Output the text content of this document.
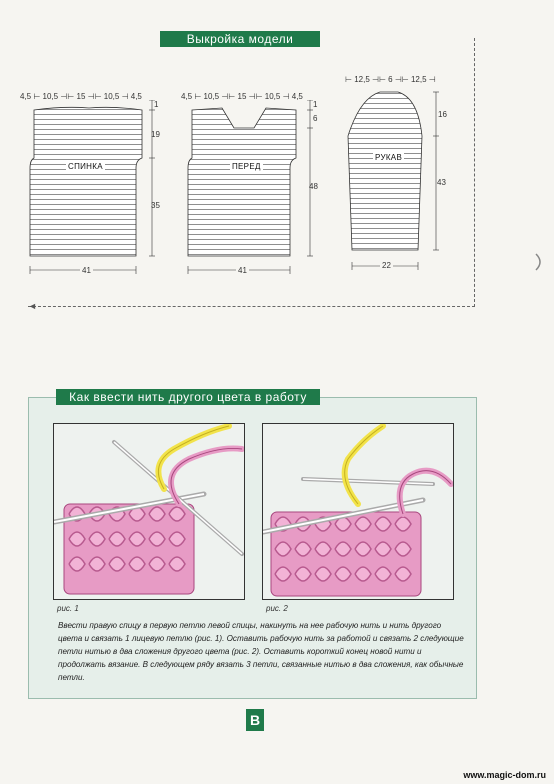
Выкройка модели
4,5 ⊢ 10,5 ⊣⊢ 15 ⊣⊢ 10,5 ⊣ 4,5
СПИНКА
1
19
35
41
4,5 ⊢ 10,5 ⊣⊢ 15 ⊣⊢ 10,5 ⊣ 4,5
ПЕРЕД
1
6
48
41
⊢ 12,5 ⊣⊢ 6 ⊣⊢ 12,5 ⊣
РУКАВ
16
43
22
◄
Как ввести нить другого цвета в работу
рис. 1	рис. 2
Ввести правую спицу в первую петлю левой спицы, накинуть на нее рабочую нить и нить другого цвета и связать 1 лицевую петлю (рис. 1). Оставить рабочую нить за работой и связать 2 следующие петли нитью в два сложения другого цвета (рис. 2). Оставить короткий конец новой нити и продолжать вязание. В следующем ряду вязать 3 петли, связанные нитью в два сложения, как обычные петли.
В
www.magic-dom.ru
